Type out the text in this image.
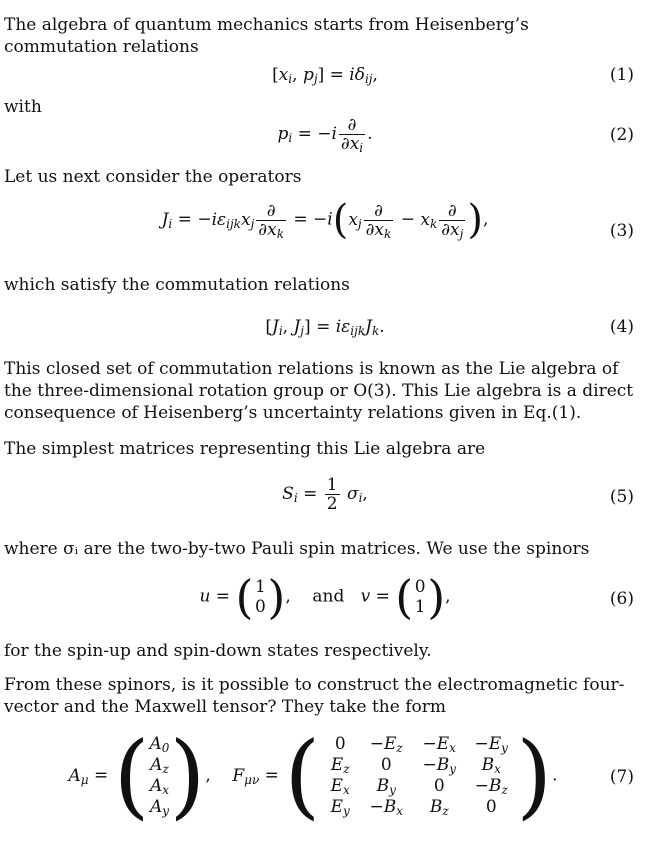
The algebra of quantum mechanics starts from Heisenberg’s commutation relations
[$x_i$, $p_j] = i\delta_{ij}$,	(1)
with
$p_i = -i \frac{\partial}{\partial x_i}$ .	(2)
Let us next consider the operators
$J_i = -i\varepsilon_{ijk}x_j \frac{\partial}{\partial x_k} = -i(x_j \frac{\partial}{\partial x_k} - x_k \frac{\partial}{\partial x_j}$ ),
(3)
which satisfy the commutation relations
[$J_i$, $J_j] = i\varepsilon_{ijk}J_k$.	(4)
This closed set of commutation relations is known as the Lie algebra of the three-dimensional rotation group or O(3). This Lie algebra is a direct consequence of Heisenberg’s uncertainty relations given in Eq.(1).
The simplest matrices representing this Lie algebra are
$S_i = \frac{1}{2} \sigma_i$,	(5)
where σᵢ are the two-by-two Pauli spin matrices. We use the spinors
u = ( 1
0 ),    and v = ( 0
1 ),	(6)
for the spin-up and spin-down states respectively.
From these spinors, is it possible to construct the electromagnetic four-vector and the Maxwell tensor? They take the form
$A_\mu$ = ( $A_0$
$A_z$
$A_x$
$A_y$ ),    $F_{\mu\nu}$ = ( 0	$-E_z$	$-E_x$	$-E_y$
$E_z$	0	$-B_y$	$B_x$
$E_x$	$B_y$	0	$-B_z$
$E_y$	$-B_x$	$B_z$	0 ).	(7)
